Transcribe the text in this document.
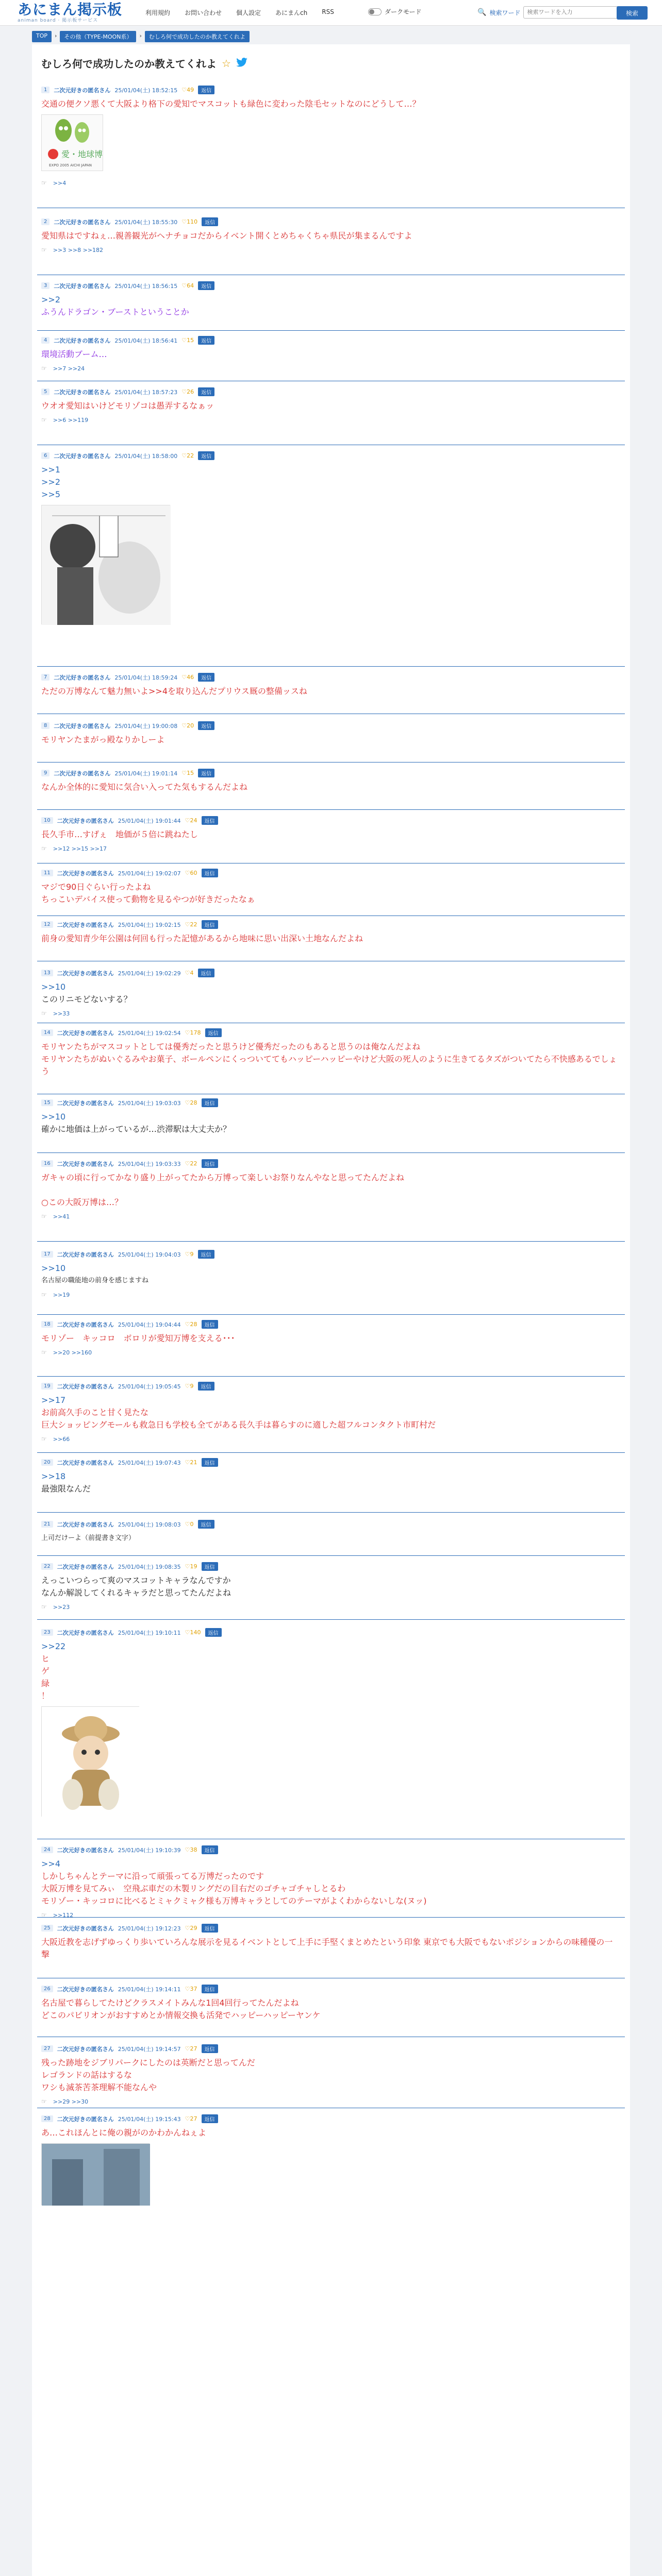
あにまん掲示板
animan board · 掲示板サービス
利用規約	お問い合わせ	個人設定	あにまんch	RSS	ダークモード	🔍 検索ワード
検索ワードを入力	検索
TOP	›	その他（TYPE-MOON系）	›	むしろ何で成功したのか教えてくれよ
むしろ何で成功したのか教えてくれよ ☆
1	二次元好きの匿名さん 25/01/04(土) 18:52:15 ♡49	返信
交通の便クソ悪くて大阪より格下の愛知でマスコットも緑色に変わった陰毛セットなのにどうして…？
愛・地球博
EXPO 2005 AICHI JAPAN
☞ >>4
2	二次元好きの匿名さん 25/01/04(土) 18:55:30 ♡110	返信
愛知県はですねぇ…親善観光がヘナチョコだからイベント開くとめちゃくちゃ県民が集まるんですよ
☞ >>3 >>8 >>182
3	二次元好きの匿名さん 25/01/04(土) 18:56:15 ♡64	返信
>>2
ふうんドラゴン・ブーストということか
4	二次元好きの匿名さん 25/01/04(土) 18:56:41 ♡15	返信
環境活動ブーム…
☞ >>7 >>24
5	二次元好きの匿名さん 25/01/04(土) 18:57:23 ♡26	返信
ウオオ愛知はいけどモリゾコは愚弄するなぁッ
☞ >>6 >>119
6	二次元好きの匿名さん 25/01/04(土) 18:58:00 ♡22	返信
>>1
>>2
>>5
7	二次元好きの匿名さん 25/01/04(土) 18:59:24 ♡46	返信
ただの万博なんて魅力無いよ>>4を取り込んだプリウス厩の整備ッスね
8	二次元好きの匿名さん 25/01/04(土) 19:00:08 ♡20	返信
モリヤンたまがっ殿なりかしーよ
9	二次元好きの匿名さん 25/01/04(土) 19:01:14 ♡15	返信
なんか全体的に愛知に気合い入ってた気もするんだよね
10	二次元好きの匿名さん 25/01/04(土) 19:01:44 ♡24	返信
長久手市…すげぇ　地価が５倍に跳ねたし
☞ >>12 >>15 >>17
11	二次元好きの匿名さん 25/01/04(土) 19:02:07 ♡60	返信
マジで90日ぐらい行ったよね
ちっこいデバイス使って動物を見るやつが好きだったなぁ
12	二次元好きの匿名さん 25/01/04(土) 19:02:15 ♡22	返信
前身の愛知青少年公園は何回も行った記憶があるから地味に思い出深い土地なんだよね
13	二次元好きの匿名さん 25/01/04(土) 19:02:29 ♡4	返信
>>10
このリニモどないする？
☞ >>33
14	二次元好きの匿名さん 25/01/04(土) 19:02:54 ♡178	返信
モリヤンたちがマスコットとしては優秀だったと思うけど優秀だったのもあると思うのは俺なんだよね
モリヤンたちがぬいぐるみやお菓子、ボールペンにくっついててもハッピーハッピーやけど大阪の死人のように生きてるタズがついてたら不快感あるでしょう
15	二次元好きの匿名さん 25/01/04(土) 19:03:03 ♡28	返信
>>10
確かに地価は上がっているが…渋滞駅は大丈夫か？
16	二次元好きの匿名さん 25/01/04(土) 19:03:33 ♡22	返信
ガキャの頃に行ってかなり盛り上がってたから万博って楽しいお祭りなんやなと思ってたんだよね
○この大阪万博は…？
☞ >>41
17	二次元好きの匿名さん 25/01/04(土) 19:04:03 ♡9	返信
>>10
名古屋の職能地の前身を感じますね
☞ >>19
18	二次元好きの匿名さん 25/01/04(土) 19:04:44 ♡28	返信
モリゾー　キッコロ　ボロリが愛知万博を支える･･･
☞ >>20 >>160
19	二次元好きの匿名さん 25/01/04(土) 19:05:45 ♡9	返信
>>17
お前高久手のこと甘く見たな
巨大ショッピングモールも救急日も学校も全てがある長久手は暮らすのに適した超フルコンタクト市町村だ
☞ >>66
20	二次元好きの匿名さん 25/01/04(土) 19:07:43 ♡21	返信
>>18
最強限なんだ
21	二次元好きの匿名さん 25/01/04(土) 19:08:03 ♡0	返信
上司だけーよ（前提書き文字）
22	二次元好きの匿名さん 25/01/04(土) 19:08:35 ♡19	返信
えっこいつらって爽のマスコットキャラなんですか
なんか解説してくれるキャラだと思ってたんだよね
☞ >>23
23	二次元好きの匿名さん 25/01/04(土) 19:10:11 ♡140	返信
>>22
ヒ
ゲ
緑
！
24	二次元好きの匿名さん 25/01/04(土) 19:10:39 ♡38	返信
>>4
しかしちゃんとテーマに沿って頑張ってる万博だったのです
大阪万博を見てみぃ　空飛ぶ車だの木製リングだの目右だのゴチャゴチャしとるわ
モリゾー・キッコロに比べるとミャクミャク様も万博キャラとしてのテーマがよくわからないしな(ヌッ)
☞ >>112
25	二次元好きの匿名さん 25/01/04(土) 19:12:23 ♡29	返信
大阪近教を志げずゆっくり歩いていろんな展示を見るイベントとして上手に手堅くまとめたという印象 東京でも大阪でもないポジションからの味種優の一撃
26	二次元好きの匿名さん 25/01/04(土) 19:14:11 ♡37	返信
名古屋で暮らしてたけどクラスメイトみんな1回4回行ってたんだよね
どこのパビリオンがおすすめとか情報交換も活発でハッピーハッピーヤンケ
27	二次元好きの匿名さん 25/01/04(土) 19:14:57 ♡27	返信
残った跡地をジブリパークにしたのは英断だと思ってんだ
レゴランドの話はするな
ワシも滅茶苦茶理解不能なんや
☞ >>29 >>30
28	二次元好きの匿名さん 25/01/04(土) 19:15:43 ♡27	返信
あ…これほんとに俺の親がのかわかんねぇよ
